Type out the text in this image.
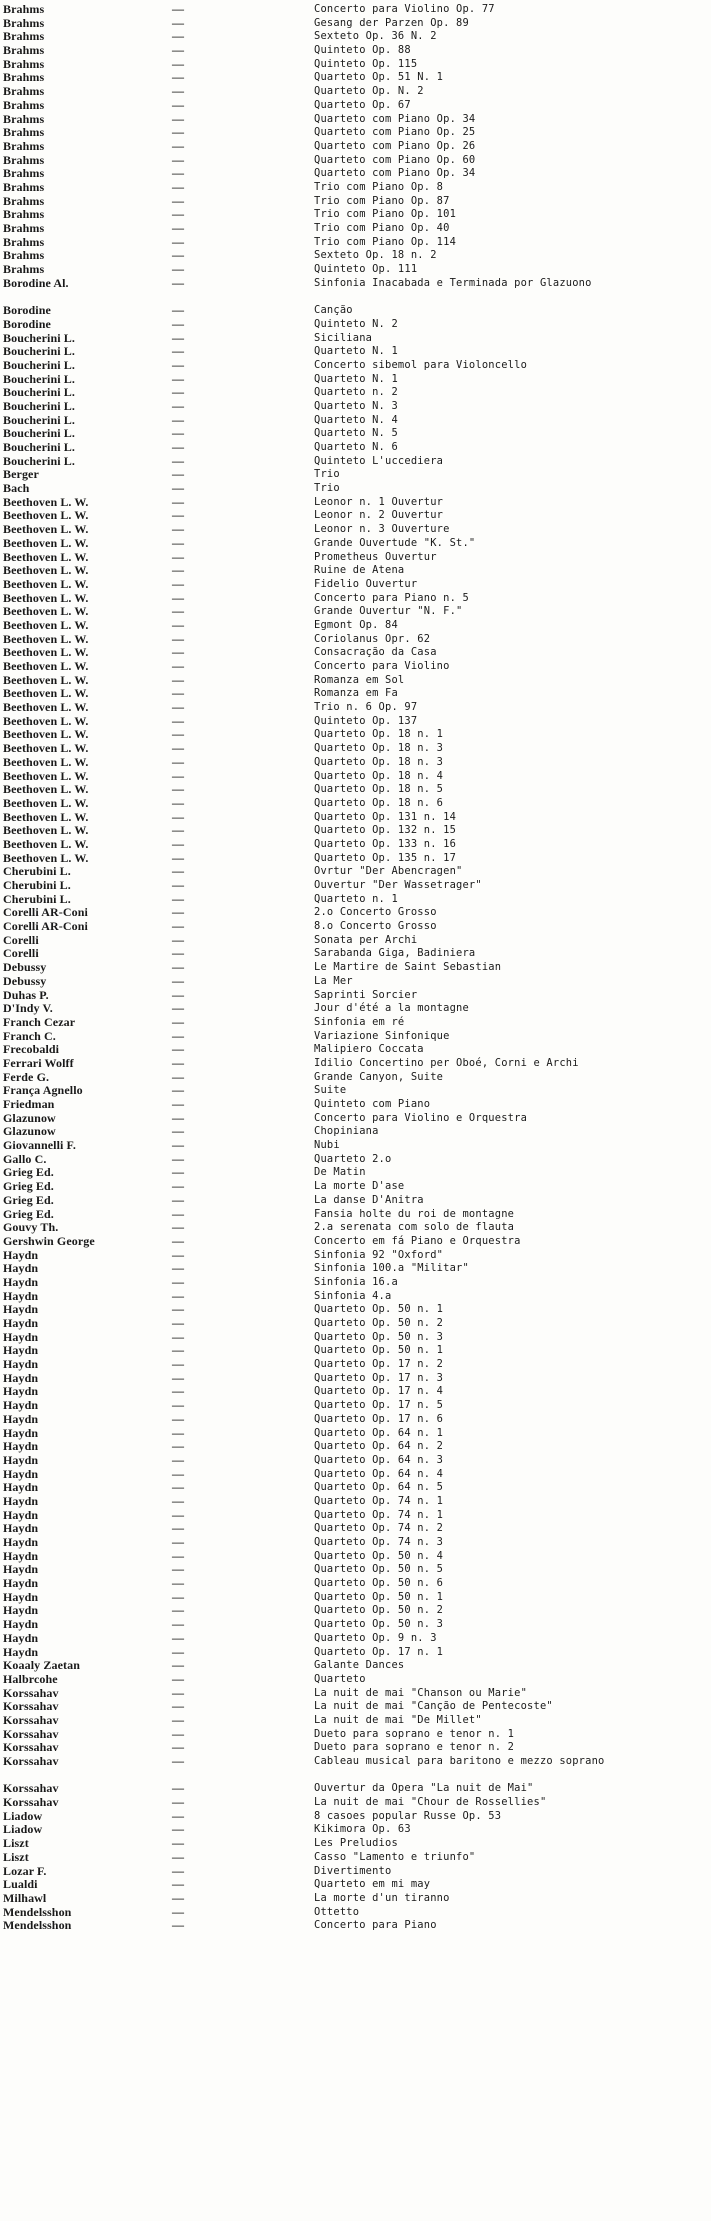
Brahms	—	Concerto para Violino Op. 77
Brahms	—	Gesang der Parzen Op. 89
Brahms	—	Sexteto Op. 36 N. 2
Brahms	—	Quinteto Op. 88
Brahms	—	Quinteto Op. 115
Brahms	—	Quarteto Op. 51 N. 1
Brahms	—	Quarteto Op. N. 2
Brahms	—	Quarteto Op. 67
Brahms	—	Quarteto com Piano Op. 34
Brahms	—	Quarteto com Piano Op. 25
Brahms	—	Quarteto com Piano Op. 26
Brahms	—	Quarteto com Piano Op. 60
Brahms	—	Quarteto com Piano Op. 34
Brahms	—	Trio com Piano Op. 8
Brahms	—	Trio com Piano Op. 87
Brahms	—	Trio com Piano Op. 101
Brahms	—	Trio com Piano Op. 40
Brahms	—	Trio com Piano Op. 114
Brahms	—	Sexteto Op. 18 n. 2
Brahms	—	Quinteto Op. 111
Borodine Al.	—	Sinfonia Inacabada e Terminada por Glazuono
Borodine	—	Canção
Borodine	—	Quinteto N. 2
Boucherini L.	—	Siciliana
Boucherini L.	—	Quarteto N. 1
Boucherini L.	—	Concerto sibemol para Violoncello
Boucherini L.	—	Quarteto N. 1
Boucherini L.	—	Quarteto n. 2
Boucherini L.	—	Quarteto N. 3
Boucherini L.	—	Quarteto N. 4
Boucherini L.	—	Quarteto N. 5
Boucherini L.	—	Quarteto N. 6
Boucherini L.	—	Quinteto L'uccediera
Berger	—	Trio
Bach	—	Trio
Beethoven L. W.	—	Leonor n. 1 Ouvertur
Beethoven L. W.	—	Leonor n. 2 Ouvertur
Beethoven L. W.	—	Leonor n. 3 Ouverture
Beethoven L. W.	—	Grande Ouvertude "K. St."
Beethoven L. W.	—	Prometheus Ouvertur
Beethoven L. W.	—	Ruine de Atena
Beethoven L. W.	—	Fidelio Ouvertur
Beethoven L. W.	—	Concerto para Piano n. 5
Beethoven L. W.	—	Grande Ouvertur "N. F."
Beethoven L. W.	—	Egmont Op. 84
Beethoven L. W.	—	Coriolanus Opr. 62
Beethoven L. W.	—	Consacração da Casa
Beethoven L. W.	—	Concerto para Violino
Beethoven L. W.	—	Romanza em Sol
Beethoven L. W.	—	Romanza em Fa
Beethoven L. W.	—	Trio n. 6 Op. 97
Beethoven L. W.	—	Quinteto Op. 137
Beethoven L. W.	—	Quarteto Op. 18 n. 1
Beethoven L. W.	—	Quarteto Op. 18 n. 3
Beethoven L. W.	—	Quarteto Op. 18 n. 3
Beethoven L. W.	—	Quarteto Op. 18 n. 4
Beethoven L. W.	—	Quarteto Op. 18 n. 5
Beethoven L. W.	—	Quarteto Op. 18 n. 6
Beethoven L. W.	—	Quarteto Op. 131 n. 14
Beethoven L. W.	—	Quarteto Op. 132 n. 15
Beethoven L. W.	—	Quarteto Op. 133 n. 16
Beethoven L. W.	—	Quarteto Op. 135 n. 17
Cherubini L.	—	Ovrtur "Der Abencragen"
Cherubini L.	—	Ouvertur "Der Wassetrager"
Cherubini L.	—	Quarteto n. 1
Corelli AR-Coni	—	2.o Concerto Grosso
Corelli AR-Coni	—	8.o Concerto Grosso
Corelli	—	Sonata per Archi
Corelli	—	Sarabanda Giga, Badiniera
Debussy	—	Le Martire de Saint Sebastian
Debussy	—	La Mer
Duhas P.	—	Saprinti Sorcier
D'Indy V.	—	Jour d'été a la montagne
Franch Cezar	—	Sinfonia em ré
Franch C.	—	Variazione Sinfonique
Frecobaldi	—	Malipiero Coccata
Ferrari Wolff	—	Idilio Concertino per Oboé, Corni e Archi
Ferde G.	—	Grande Canyon, Suite
França Agnello	—	Suite
Friedman	—	Quinteto com Piano
Glazunow	—	Concerto para Violino e Orquestra
Glazunow	—	Chopiniana
Giovannelli F.	—	Nubi
Gallo C.	—	Quarteto 2.o
Grieg Ed.	—	De Matin
Grieg Ed.	—	La morte D'ase
Grieg Ed.	—	La danse D'Anitra
Grieg Ed.	—	Fansia holte du roi de montagne
Gouvy Th.	—	2.a serenata com solo de flauta
Gershwin George	—	Concerto em fá Piano e Orquestra
Haydn	—	Sinfonia 92 "Oxford"
Haydn	—	Sinfonia 100.a "Militar"
Haydn	—	Sinfonia 16.a
Haydn	—	Sinfonia 4.a
Haydn	—	Quarteto Op. 50 n. 1
Haydn	—	Quarteto Op. 50 n. 2
Haydn	—	Quarteto Op. 50 n. 3
Haydn	—	Quarteto Op. 50 n. 1
Haydn	—	Quarteto Op. 17 n. 2
Haydn	—	Quarteto Op. 17 n. 3
Haydn	—	Quarteto Op. 17 n. 4
Haydn	—	Quarteto Op. 17 n. 5
Haydn	—	Quarteto Op. 17 n. 6
Haydn	—	Quarteto Op. 64 n. 1
Haydn	—	Quarteto Op. 64 n. 2
Haydn	—	Quarteto Op. 64 n. 3
Haydn	—	Quarteto Op. 64 n. 4
Haydn	—	Quarteto Op. 64 n. 5
Haydn	—	Quarteto Op. 74 n. 1
Haydn	—	Quarteto Op. 74 n. 1
Haydn	—	Quarteto Op. 74 n. 2
Haydn	—	Quarteto Op. 74 n. 3
Haydn	—	Quarteto Op. 50 n. 4
Haydn	—	Quarteto Op. 50 n. 5
Haydn	—	Quarteto Op. 50 n. 6
Haydn	—	Quarteto Op. 50 n. 1
Haydn	—	Quarteto Op. 50 n. 2
Haydn	—	Quarteto Op. 50 n. 3
Haydn	—	Quarteto Op. 9 n. 3
Haydn	—	Quarteto Op. 17 n. 1
Koaaly Zaetan	—	Galante Dances
Halbrcohe	—	Quarteto
Korssahav	—	La nuit de mai "Chanson ou Marie"
Korssahav	—	La nuit de mai "Canção de Pentecoste"
Korssahav	—	La nuit de mai "De Millet"
Korssahav	—	Dueto para soprano e tenor n. 1
Korssahav	—	Dueto para soprano e tenor n. 2
Korssahav	—	Cableau musical para baritono e mezzo soprano
Korssahav	—	Ouvertur da Opera "La nuit de Mai"
Korssahav	—	La nuit de mai "Chour de Rossellies"
Liadow	—	8 casoes popular Russe Op. 53
Liadow	—	Kikimora Op. 63
Liszt	—	Les Preludios
Liszt	—	Casso "Lamento e triunfo"
Lozar F.	—	Divertimento
Lualdi	—	Quarteto em mi may
Milhawl	—	La morte d'un tiranno
Mendelsshon	—	Ottetto
Mendelsshon	—	Concerto para Piano
